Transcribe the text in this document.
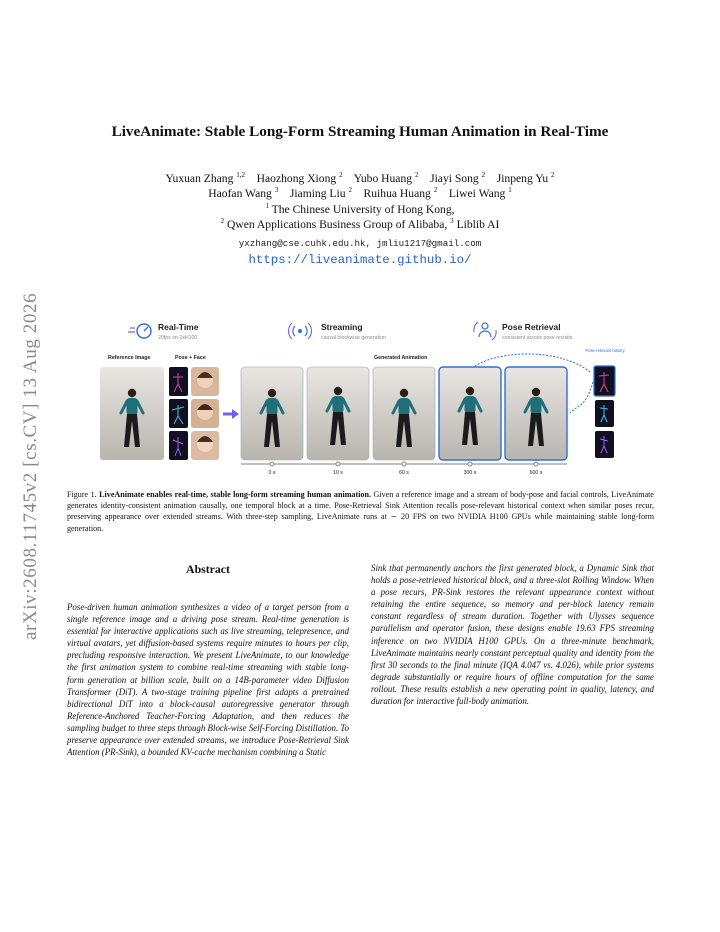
arXiv:2608.11745v2 [cs.CV] 13 Aug 2026
LiveAnimate: Stable Long-Form Streaming Human Animation in Real-Time
Yuxuan Zhang $^{1,2}$ Haozhong Xiong $^2$ Yubo Huang $^2$ Jiayi Song $^2$ Jinpeng Yu $^2$
Haofan Wang $^3$ Jiaming Liu $^2$ Ruihua Huang $^2$ Liwei Wang $^1$
$^1$ The Chinese University of Hong Kong,
$^2$ Qwen Applications Business Group of Alibaba, $^3$ Liblib AI
yxzhang@cse.cuhk.edu.hk, jmliu1217@gmail.com
https://liveanimate.github.io/
Real-Time
20fps on 2xH100
Streaming
causal blockwise generation
Pose Retrieval
consistent across pose revisits
Reference Image	Pose + Face	Generated Animation
Pose-relevant history
0 s	10 s	60 s	300 s	600 s
Figure 1. LiveAnimate enables real-time, stable long-form streaming human animation. Given a reference image and a stream of body-pose and facial controls, LiveAnimate generates identity-consistent animation causally, one temporal block at a time. Pose-Retrieval Sink Attention recalls pose-relevant historical context when similar poses recur, preserving appearance over extended streams. With three-step sampling, LiveAnimate runs at ∼ 20 FPS on two NVIDIA H100 GPUs while maintaining stable long-form generation.
Abstract
Pose-driven human animation synthesizes a video of a target person from a single reference image and a driving pose stream. Real-time generation is essential for interactive applications such as live streaming, telepresence, and virtual avatars, yet diffusion-based systems require minutes to hours per clip, precluding responsive interaction. We present LiveAnimate, to our knowledge the first animation system to combine real-time streaming with stable long-form generation at billion scale, built on a 14B-parameter video Diffusion Transformer (DiT). A two-stage training pipeline first adapts a pretrained bidirectional DiT into a block-causal autoregressive generator through Reference-Anchored Teacher-Forcing Adaptation, and then reduces the sampling budget to three steps through Block-wise Self-Forcing Distillation. To preserve appearance over extended streams, we introduce Pose-Retrieval Sink Attention (PR-Sink), a bounded KV-cache mechanism combining a Static
Sink that permanently anchors the first generated block, a Dynamic Sink that holds a pose-retrieved historical block, and a three-slot Rolling Window. When a pose recurs, PR-Sink restores the relevant appearance context without retaining the entire sequence, so memory and per-block latency remain constant regardless of stream duration. Together with Ulysses sequence parallelism and operator fusion, these designs enable 19.63 FPS streaming inference on two NVIDIA H100 GPUs. On a three-minute benchmark, LiveAnimate maintains nearly constant perceptual quality and identity from the first 30 seconds to the final minute (IQA 4.047 vs. 4.026), while prior systems degrade substantially or require hours of offline computation for the same rollout. These results establish a new operating point in quality, latency, and duration for interactive full-body animation.
